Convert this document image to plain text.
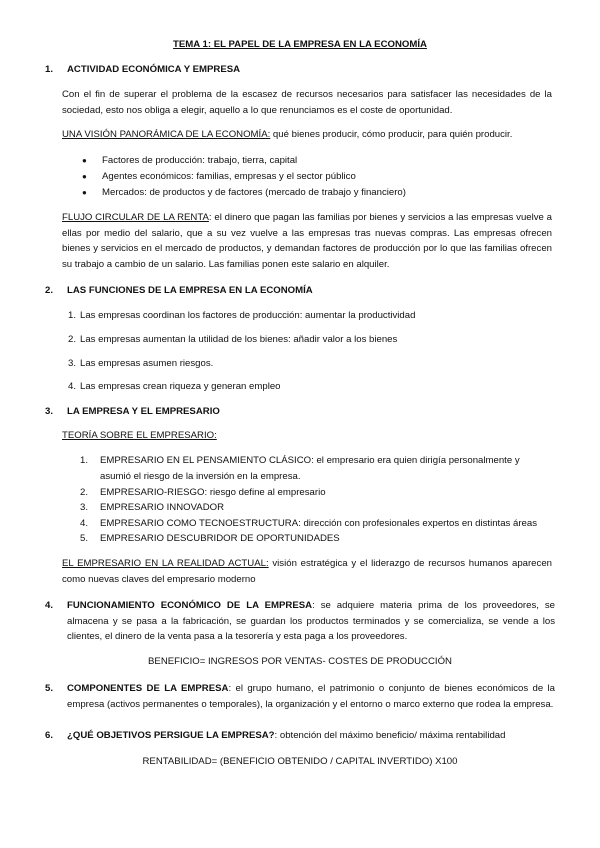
TEMA 1: EL PAPEL DE LA EMPRESA EN LA ECONOMÍA
1. ACTIVIDAD ECONÓMICA Y EMPRESA
Con el fin de superar el problema de la escasez de recursos necesarios para satisfacer las necesidades de la sociedad, esto nos obliga a elegir, aquello a lo que renunciamos es el coste de oportunidad.
UNA VISIÓN PANORÁMICA DE LA ECONOMÍA: qué bienes producir, cómo producir, para quién producir.
● Factores de producción: trabajo, tierra, capital
● Agentes económicos: familias, empresas y el sector público
● Mercados: de productos y de factores (mercado de trabajo y financiero)
FLUJO CIRCULAR DE LA RENTA: el dinero que pagan las familias por bienes y servicios a las empresas vuelve a ellas por medio del salario, que a su vez vuelve a las empresas tras nuevas compras. Las empresas ofrecen bienes y servicios en el mercado de productos, y demandan factores de producción por lo que las familias ofrecen su trabajo a cambio de un salario. Las familias ponen este salario en alquiler.
2. LAS FUNCIONES DE LA EMPRESA EN LA ECONOMÍA
1. Las empresas coordinan los factores de producción: aumentar la productividad
2. Las empresas aumentan la utilidad de los bienes: añadir valor a los bienes
3. Las empresas asumen riesgos.
4. Las empresas crean riqueza y generan empleo
3. LA EMPRESA Y EL EMPRESARIO
TEORÍA SOBRE EL EMPRESARIO:
1. EMPRESARIO EN EL PENSAMIENTO CLÁSICO: el empresario era quien dirigía personalmente y asumió el riesgo de la inversión en la empresa.
2. EMPRESARIO-RIESGO: riesgo define al empresario
3. EMPRESARIO INNOVADOR
4. EMPRESARIO COMO TECNOESTRUCTURA: dirección con profesionales expertos en distintas áreas
5. EMPRESARIO DESCUBRIDOR DE OPORTUNIDADES
EL EMPRESARIO EN LA REALIDAD ACTUAL: visión estratégica y el liderazgo de recursos humanos aparecen como nuevas claves del empresario moderno
4. FUNCIONAMIENTO ECONÓMICO DE LA EMPRESA: se adquiere materia prima de los proveedores, se almacena y se pasa a la fabricación, se guardan los productos terminados y se comercializa, se vende a los clientes, el dinero de la venta pasa a la tesorería y esta paga a los proveedores.
BENEFICIO= INGRESOS POR VENTAS- COSTES DE PRODUCCIÓN
5. COMPONENTES DE LA EMPRESA: el grupo humano, el patrimonio o conjunto de bienes económicos de la empresa (activos permanentes o temporales), la organización y el entorno o marco externo que rodea la empresa.
6. ¿QUÉ OBJETIVOS PERSIGUE LA EMPRESA?: obtención del máximo beneficio/ máxima rentabilidad
RENTABILIDAD= (BENEFICIO OBTENIDO / CAPITAL INVERTIDO) X100
